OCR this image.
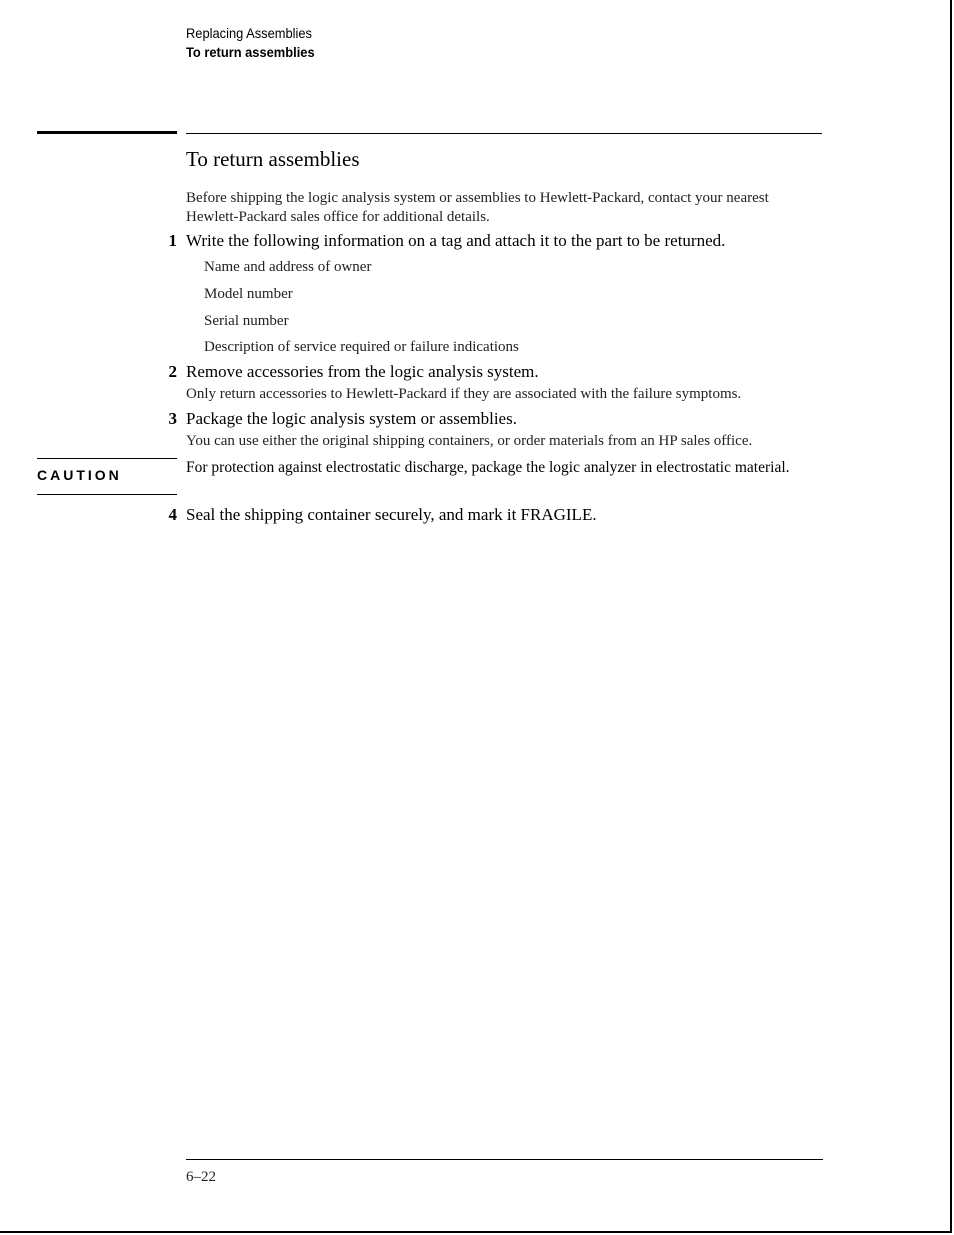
Replacing Assemblies
To return assemblies
To return assemblies
Before shipping the logic analysis system or assemblies to Hewlett-Packard, contact your nearest Hewlett-Packard sales office for additional details.
1 Write the following information on a tag and attach it to the part to be returned.
Name and address of owner
Model number
Serial number
Description of service required or failure indications
2 Remove accessories from the logic analysis system.
Only return accessories to Hewlett-Packard if they are associated with the failure symptoms.
3 Package the logic analysis system or assemblies.
You can use either the original shipping containers, or order materials from an HP sales office.
CAUTION	For protection against electrostatic discharge, package the logic analyzer in electrostatic material.
4 Seal the shipping container securely, and mark it FRAGILE.
6–22
